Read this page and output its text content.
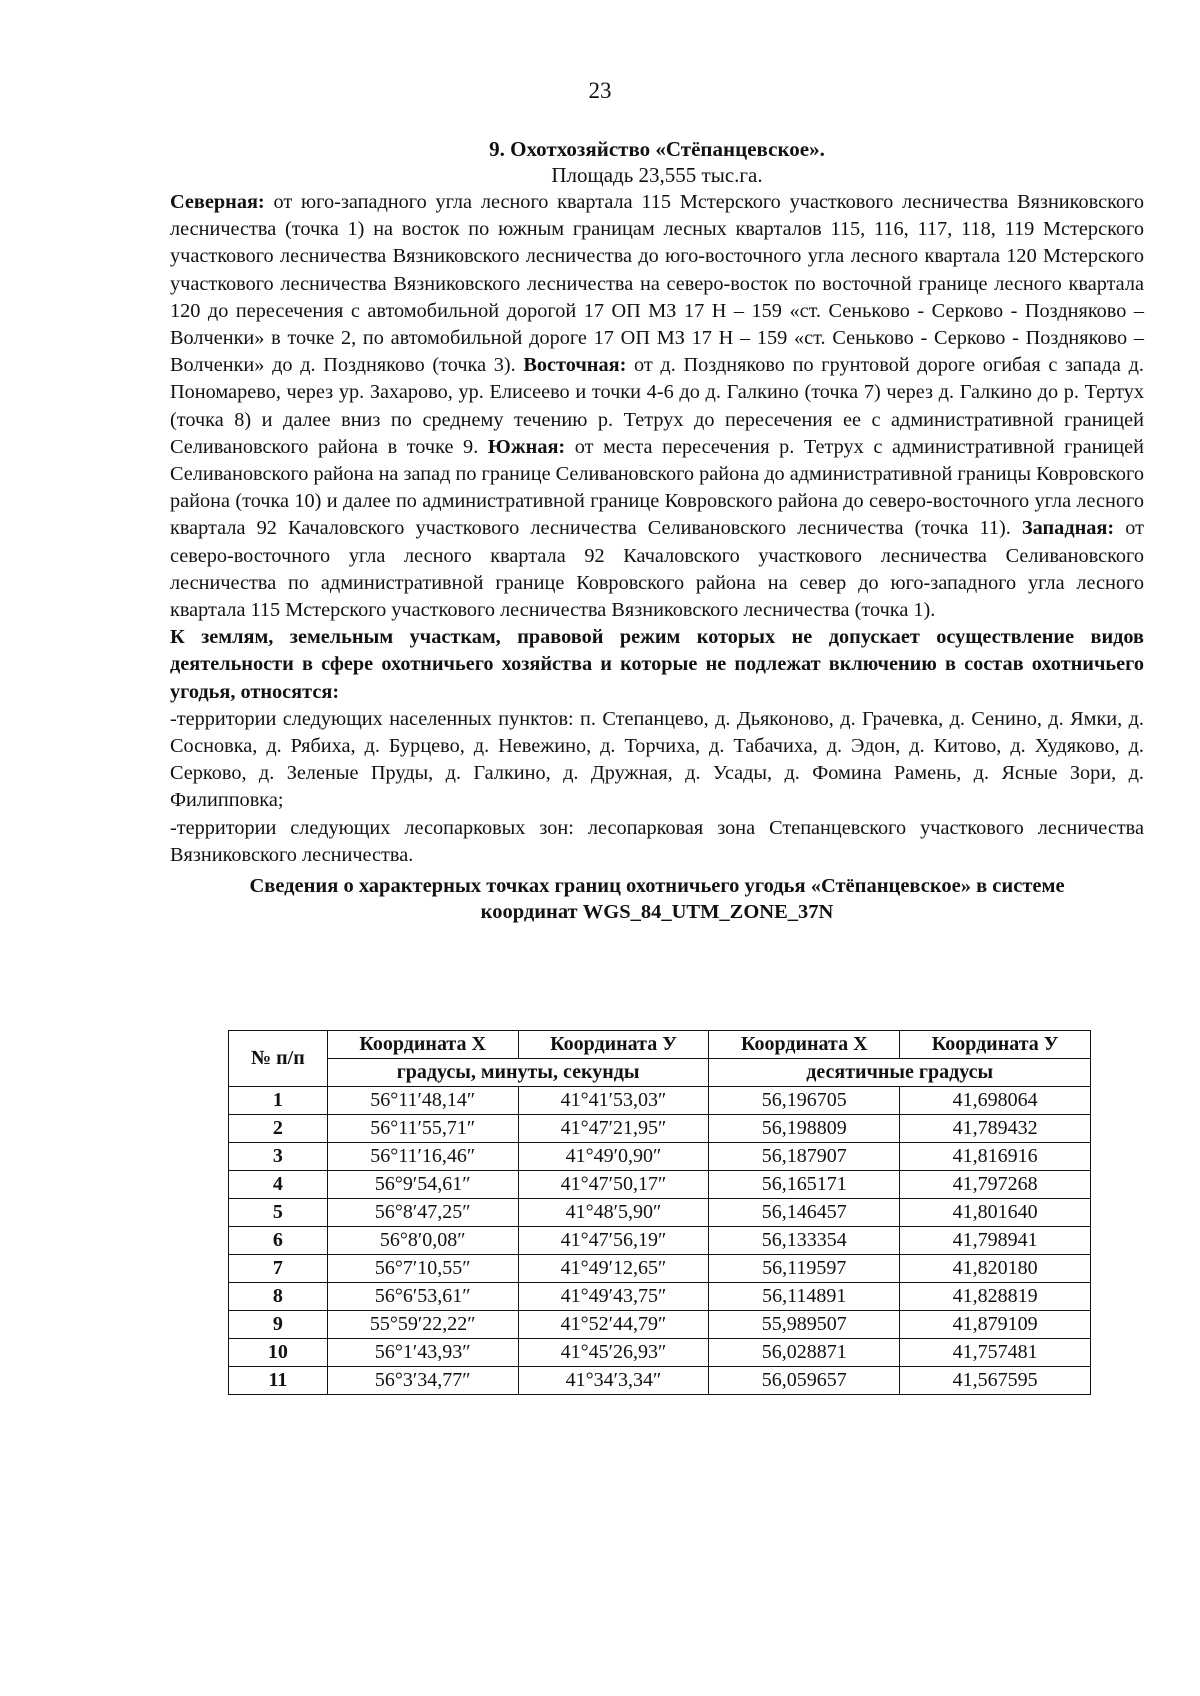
23

9. Охотхозяйство «Стёпанцевское».

Площадь 23,555 тыс.га.

Северная: от юго-западного угла лесного квартала 115 Мстерского участкового лесничества Вязниковского лесничества (точка 1) на восток по южным границам лесных кварталов 115, 116, 117, 118, 119 Мстерского участкового лесничества Вязниковского лесничества до юго-восточного угла лесного квартала 120 Мстерского участкового лесничества Вязниковского лесничества на северо-восток по восточной границе лесного квартала 120 до пересечения с автомобильной дорогой 17 ОП МЗ 17 Н – 159 «ст. Сеньково - Серково - Поздняково – Волченки» в точке 2, по автомобильной дороге 17 ОП МЗ 17 Н – 159 «ст. Сеньково - Серково - Поздняково – Волченки» до д. Поздняково (точка 3). Восточная: от д. Поздняково по грунтовой дороге огибая с запада д. Пономарево, через ур. Захарово, ур. Елисеево и точки 4-6 до д. Галкино (точка 7) через д. Галкино до р. Тертух (точка 8) и далее вниз по среднему течению р. Тетрух до пересечения ее с административной границей Селивановского района в точке 9. Южная: от места пересечения р. Тетрух с административной границей Селивановского района на запад по границе Селивановского района до административной границы Ковровского района (точка 10) и далее по административной границе Ковровского района до северо-восточного угла лесного квартала 92 Качаловского участкового лесничества Селивановского лесничества (точка 11). Западная: от северо-восточного угла лесного квартала 92 Качаловского участкового лесничества Селивановского лесничества по административной границе Ковровского района на север до юго-западного угла лесного квартала 115 Мстерского участкового лесничества Вязниковского лесничества (точка 1).

К землям, земельным участкам, правовой режим которых не допускает осуществление видов деятельности в сфере охотничьего хозяйства и которые не подлежат включению в состав охотничьего угодья, относятся:

-территории следующих населенных пунктов: п. Степанцево, д. Дьяконово, д. Грачевка, д. Сенино, д. Ямки, д. Сосновка, д. Рябиха, д. Бурцево, д. Невежино, д. Торчиха, д. Табачиха, д. Эдон, д. Китово, д. Худяково, д. Серково, д. Зеленые Пруды, д. Галкино, д. Дружная, д. Усады, д. Фомина Рамень, д. Ясные Зори, д. Филипповка;

-территории следующих лесопарковых зон: лесопарковая зона Степанцевского участкового лесничества Вязниковского лесничества.

Сведения о характерных точках границ охотничьего угодья «Стёпанцевское» в системе
координат WGS_84_UTM_ZONE_37N

№ п/п	Координата Х	Координата У	Координата Х	Координата У
	градусы, минуты, секунды		десятичные градусы	
1	56°11′48,14″	41°41′53,03″	56,196705	41,698064
2	56°11′55,71″	41°47′21,95″	56,198809	41,789432
3	56°11′16,46″	41°49′0,90″	56,187907	41,816916
4	56°9′54,61″	41°47′50,17″	56,165171	41,797268
5	56°8′47,25″	41°48′5,90″	56,146457	41,801640
6	56°8′0,08″	41°47′56,19″	56,133354	41,798941
7	56°7′10,55″	41°49′12,65″	56,119597	41,820180
8	56°6′53,61″	41°49′43,75″	56,114891	41,828819
9	55°59′22,22″	41°52′44,79″	55,989507	41,879109
10	56°1′43,93″	41°45′26,93″	56,028871	41,757481
11	56°3′34,77″	41°34′3,34″	56,059657	41,567595
